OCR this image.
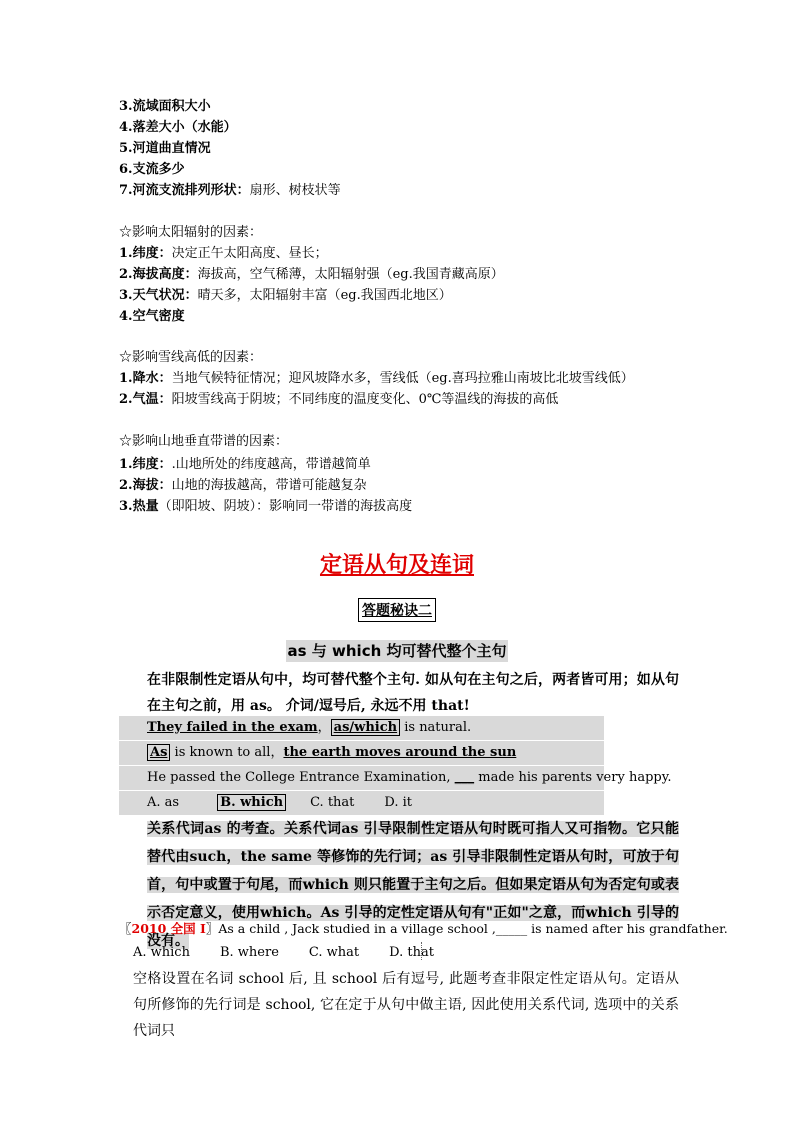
3.流域面积大小
4.落差大小（水能）
5.河道曲直情况
6.支流多少
7.河流支流排列形状：扇形、树枝状等
☆影响太阳辐射的因素：
1.纬度：决定正午太阳高度、昼长；
2.海拔高度：海拔高，空气稀薄，太阳辐射强（eg.我国青藏高原）
3.天气状况：晴天多，太阳辐射丰富（eg.我国西北地区）
4.空气密度
☆影响雪线高低的因素：
1.降水：当地气候特征情况；迎风坡降水多，雪线低（eg.喜玛拉雅山南坡比北坡雪线低）
2.气温：阳坡雪线高于阴坡；不同纬度的温度变化、0℃等温线的海拔的高低
☆影响山地垂直带谱的因素：
1.纬度：.山地所处的纬度越高，带谱越简单
2.海拔：山地的海拔越高，带谱可能越复杂
3.热量（即阳坡、阴坡）：影响同一带谱的海拔高度
定语从句及连词
答题秘诀二
as 与 which 均可替代整个主句
在非限制性定语从句中，均可替代整个主句. 如从句在主句之后，两者皆可用；如从句在主句之前，用 as。 介词/逗号后, 永远不用 that!
They failed in the exam， as/which is natural.
As is known to all，the earth moves around the sun
He passed the College Entrance Examination, ___ made his parents very happy.
A. as	B. which C. that D. it
关系代词as 的考查。关系代词as 引导限制性定语从句时既可指人又可指物。它只能替代由such，the same 等修饰的先行词；as 引导非限制性定语从句时，可放于句首，句中或置于句尾，而which 则只能置于主句之后。但如果定语从句为否定句或表示否定意义，使用which。As 引导的定性定语从句有"正如"之意，而which 引导的没有。
〖2010 全国 I〗As a child , Jack studied in a village school ,_____ is named after his grandfather.
A. which B. where C. what D. that
空格设置在名词 school 后, 且 school 后有逗号, 此题考查非限定性定语从句。定语从句所修饰的先行词是 school, 它在定于从句中做主语, 因此使用关系代词, 选项中的关系代词只
